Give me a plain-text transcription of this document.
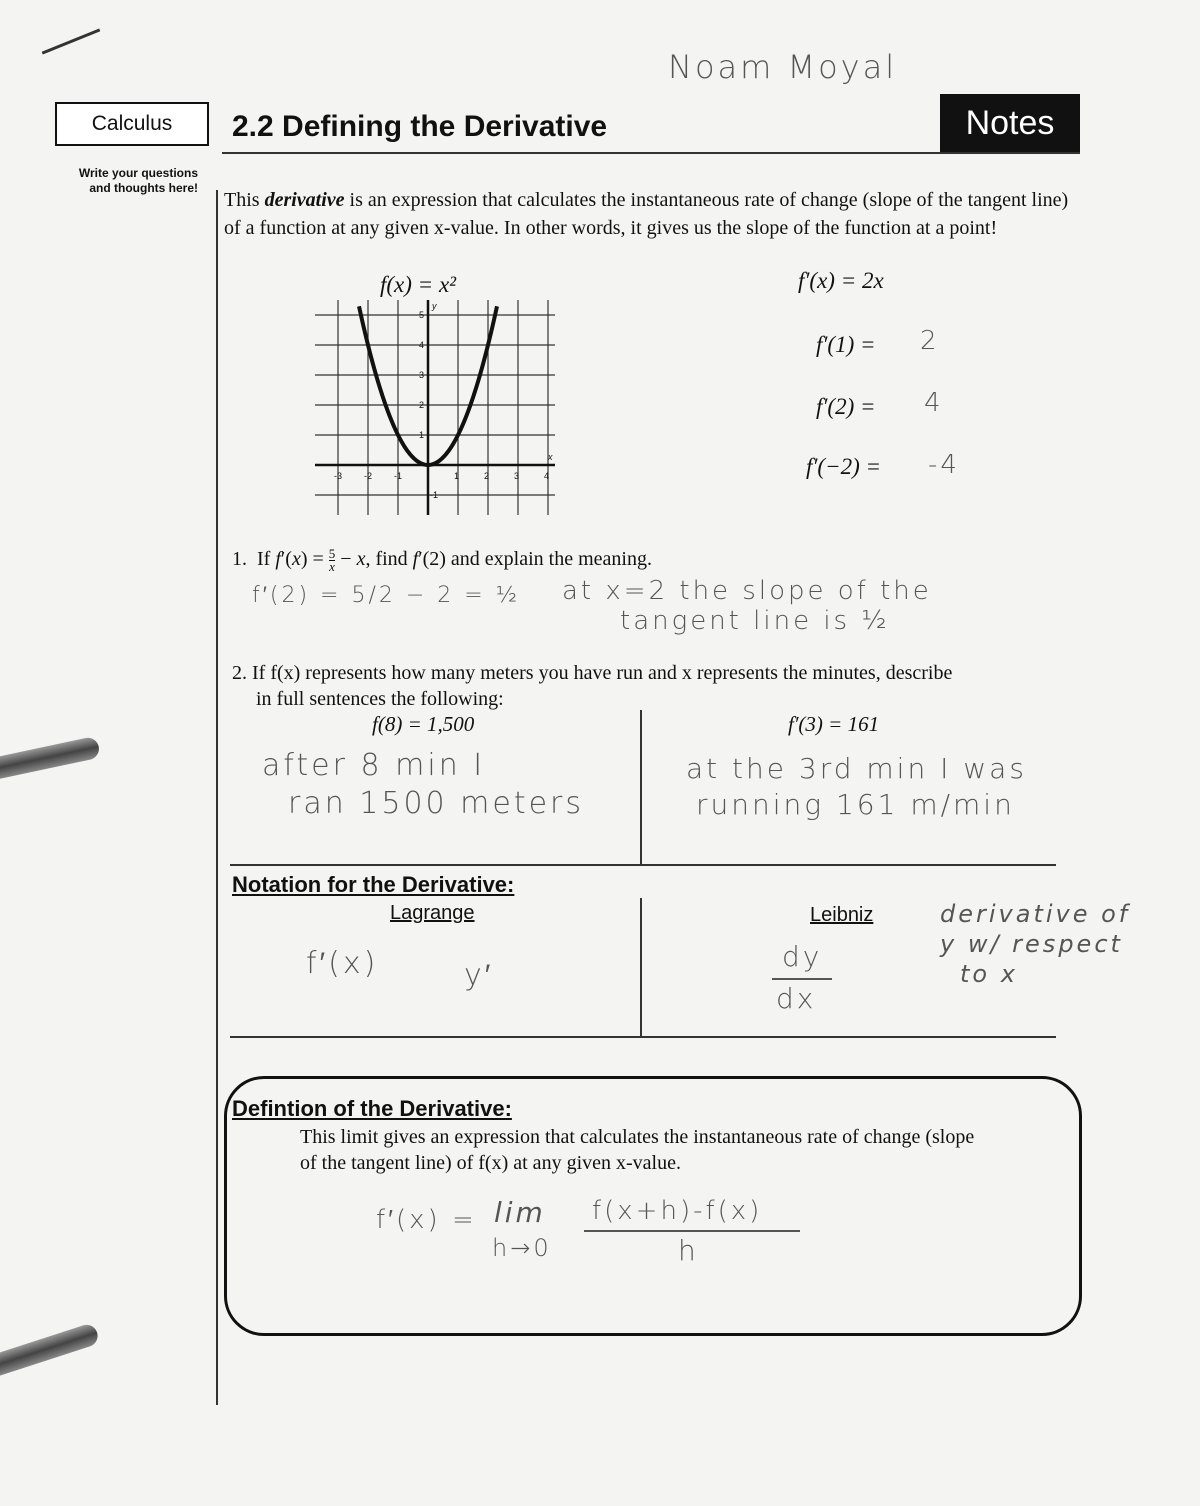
Calculus	2.2 Defining the Derivative	Notes
Noam Moyal
Write your questions and thoughts here!
This derivative is an expression that calculates the instantaneous rate of change (slope of the tangent line) of a function at any given x-value. In other words, it gives us the slope of the function at a point!
f(x) = x²	f′(x) = 2x
f′(1) = 2
f′(2) = 4
f′(−2) = -4
-3 -2 -1	1	2	3	4
1
2
3
4
5
-1
x
y
1.  If f′(x) = 5

x − x, find f′(2) and explain the meaning.
f′(2) = 5/2 − 2 = ½ at x=2 the slope of the
tangent line is ½
2. If f(x) represents how many meters you have run and x represents the minutes, describe
in full sentences the following:
f(8) = 1,500	f′(3) = 161
after 8 min I
ran 1500 meters
at the 3rd min I was
running 161 m/min
Notation for the Derivative:
Lagrange
f′(x)	y′
Leibniz
dy
dx
derivative of
y w/ respect
to x
Defintion of the Derivative:
This limit gives an expression that calculates the instantaneous rate of change (slope
of the tangent line) of f(x) at any given x-value.
f′(x) = lim
h→0
f(x+h)-f(x)
h
